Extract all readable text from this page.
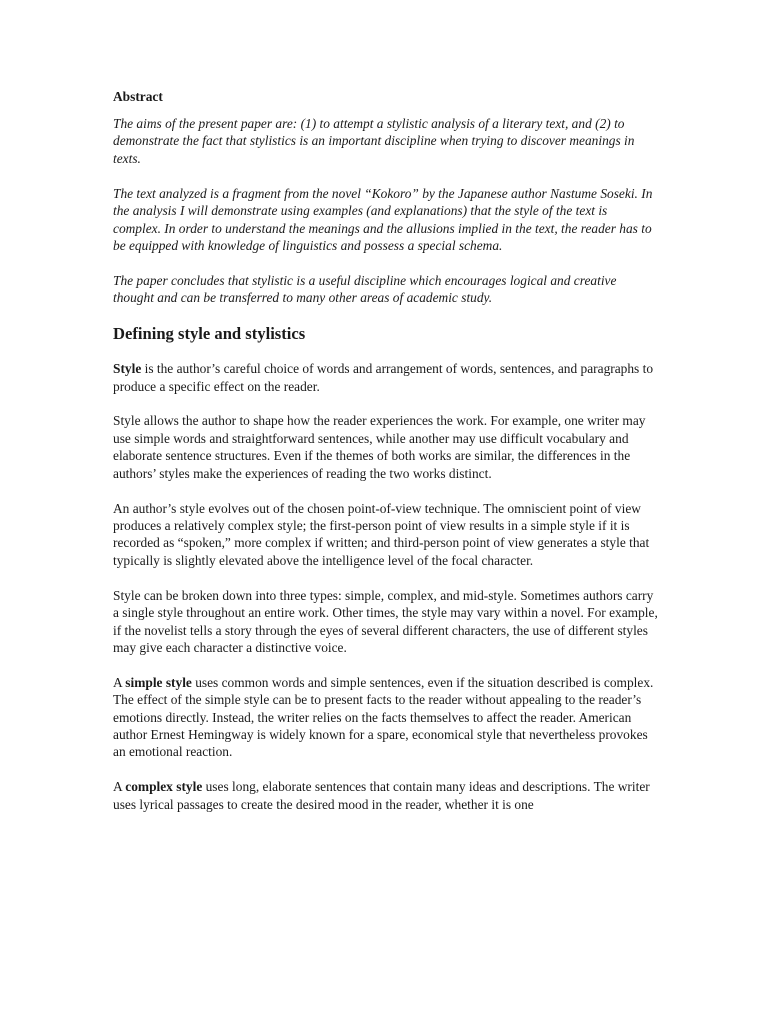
Abstract

The aims of the present paper are: (1) to attempt a stylistic analysis of a literary text, and (2) to demonstrate the fact that stylistics is an important discipline when trying to discover meanings in texts.

The text analyzed is a fragment from the novel “Kokoro” by the Japanese author Nastume Soseki. In the analysis I will demonstrate using examples (and explanations) that the style of the text is complex. In order to understand the meanings and the allusions implied in the text, the reader has to be equipped with knowledge of linguistics and possess a special schema.

The paper concludes that stylistic is a useful discipline which encourages logical and creative thought and can be transferred to many other areas of academic study.

Defining style and stylistics

Style is the author’s careful choice of words and arrangement of words, sentences, and paragraphs to produce a specific effect on the reader.

Style allows the author to shape how the reader experiences the work. For example, one writer may use simple words and straightforward sentences, while another may use difficult vocabulary and elaborate sentence structures. Even if the themes of both works are similar, the differences in the authors’ styles make the experiences of reading the two works distinct.

An author’s style evolves out of the chosen point-of-view technique. The omniscient point of view produces a relatively complex style; the first-person point of view results in a simple style if it is recorded as “spoken,” more complex if written; and third-person point of view generates a style that typically is slightly elevated above the intelligence level of the focal character.

Style can be broken down into three types: simple, complex, and mid-style. Sometimes authors carry a single style throughout an entire work. Other times, the style may vary within a novel. For example, if the novelist tells a story through the eyes of several different characters, the use of different styles may give each character a distinctive voice.

A simple style uses common words and simple sentences, even if the situation described is complex. The effect of the simple style can be to present facts to the reader without appealing to the reader’s emotions directly. Instead, the writer relies on the facts themselves to affect the reader. American author Ernest Hemingway is widely known for a spare, economical style that nevertheless provokes an emotional reaction.

A complex style uses long, elaborate sentences that contain many ideas and descriptions. The writer uses lyrical passages to create the desired mood in the reader, whether it is one
